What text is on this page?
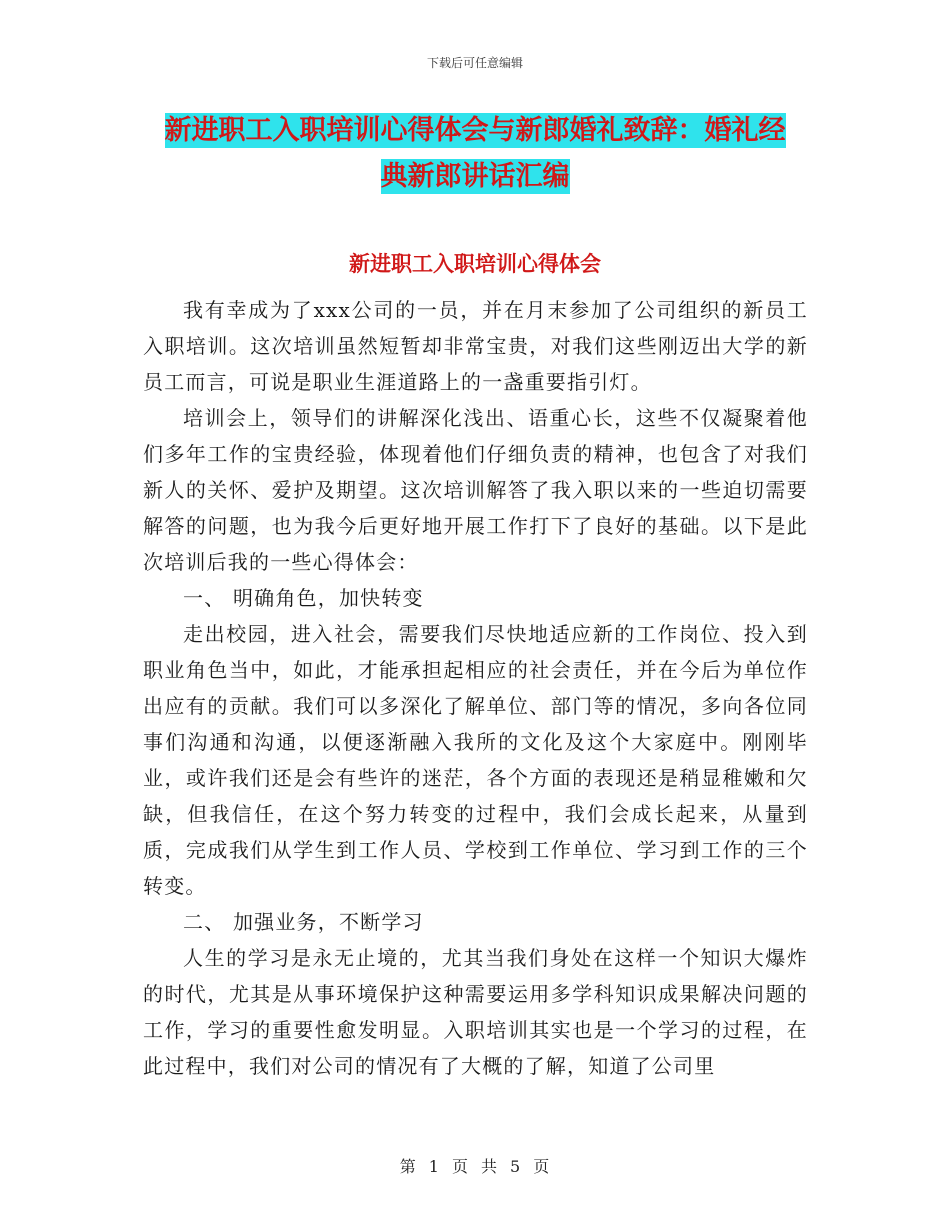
下载后可任意编辑
新进职工入职培训心得体会与新郎婚礼致辞：婚礼经
典新郎讲话汇编
新进职工入职培训心得体会

我有幸成为了xxx公司的一员，并在月末参加了公司组织的新员工入职培训。这次培训虽然短暂却非常宝贵，对我们这些刚迈出大学的新员工而言，可说是职业生涯道路上的一盏重要指引灯。

培训会上，领导们的讲解深化浅出、语重心长，这些不仅凝聚着他们多年工作的宝贵经验，体现着他们仔细负责的精神，也包含了对我们新人的关怀、爱护及期望。这次培训解答了我入职以来的一些迫切需要解答的问题，也为我今后更好地开展工作打下了良好的基础。以下是此次培训后我的一些心得体会：

一、 明确角色，加快转变

走出校园，进入社会，需要我们尽快地适应新的工作岗位、投入到职业角色当中，如此，才能承担起相应的社会责任，并在今后为单位作出应有的贡献。我们可以多深化了解单位、部门等的情况，多向各位同事们沟通和沟通，以便逐渐融入我所的文化及这个大家庭中。刚刚毕业，或许我们还是会有些许的迷茫，各个方面的表现还是稍显稚嫩和欠缺，但我信任，在这个努力转变的过程中，我们会成长起来，从量到质，完成我们从学生到工作人员、学校到工作单位、学习到工作的三个转变。

二、 加强业务，不断学习

人生的学习是永无止境的，尤其当我们身处在这样一个知识大爆炸的时代，尤其是从事环境保护这种需要运用多学科知识成果解决问题的工作，学习的重要性愈发明显。入职培训其实也是一个学习的过程，在此过程中，我们对公司的情况有了大概的了解，知道了公司里

第 1 页 共 5 页
